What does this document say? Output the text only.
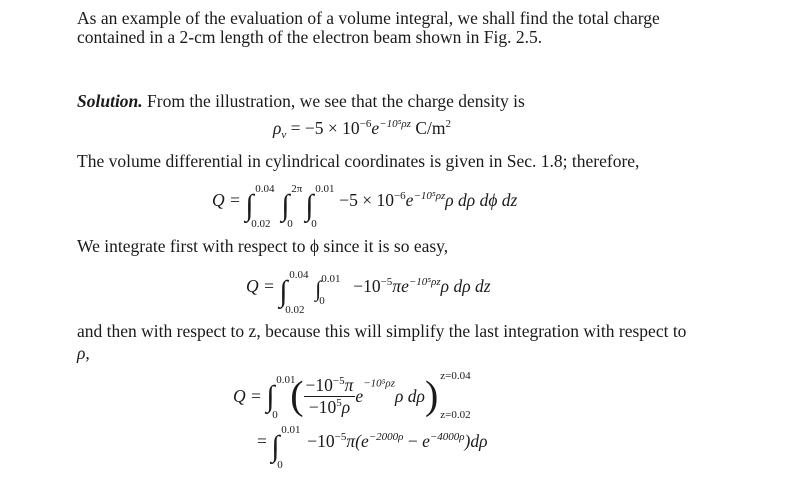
As an example of the evaluation of a volume integral, we shall find the total charge
contained in a 2-cm length of the electron beam shown in Fig. 2.5.
Solution. From the illustration, we see that the charge density is
$\rho_v = -5 \times 10^{-6}e^{-10^5\rho z}$ $C/m^2$
The volume differential in cylindrical coordinates is given in Sec. 1.8; therefore,
Q = ∫ 0.04
0.02
∫ 2π
0
∫ 0.01
0
$-5 \times 10^{-6}e^{-10^5\rho z}\rho$ dρ dϕ dz
We integrate first with respect to ϕ since it is so easy,
Q = ∫ 0.04
0.02
∫ 0.01
0
$-10^{-5}\pi e^{-10^5\rho z}\rho$ dρ dz
and then with respect to z, because this will simplify the last integration with respect to
ρ,
Q = ∫ 0.01
0 ( $\frac{-10^{-5}\pi}{-10^5\rho} e^{-10^5\rho z}\rho$ dρ) z=0.04
z=0.02
= ∫ 0.01
0
$-10^{-5}\pi(e^{-2000\rho} - e^{-4000\rho})d\rho$
